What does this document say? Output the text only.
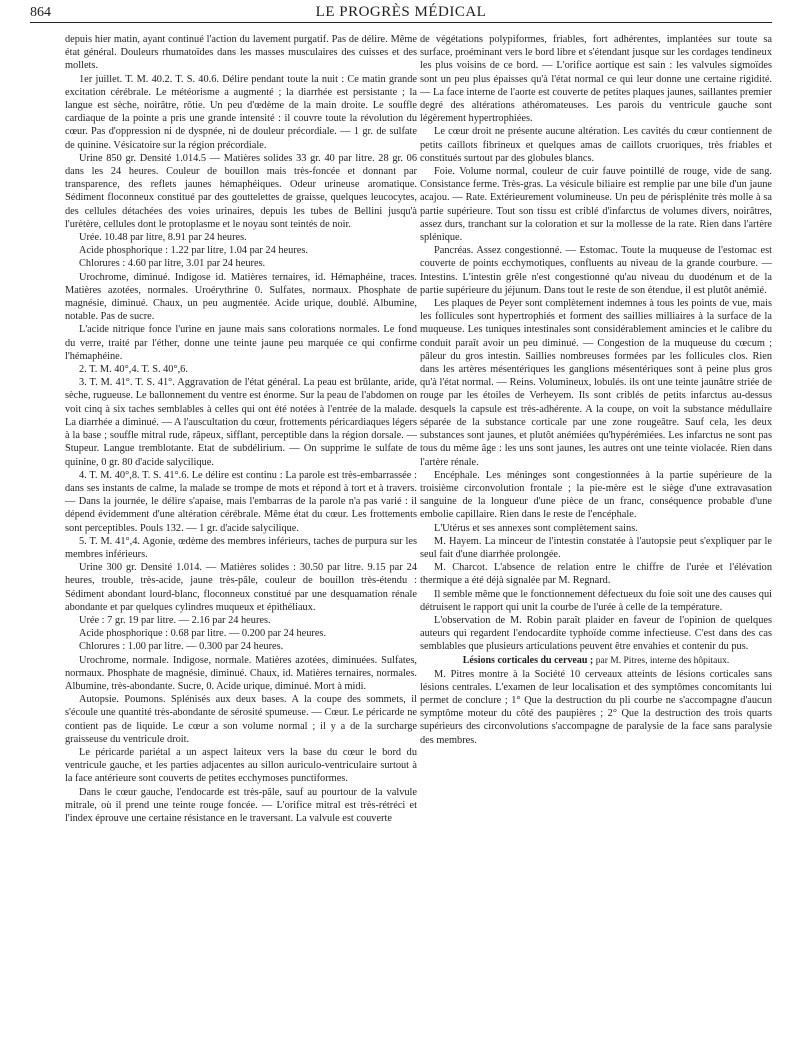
864	LE PROGRÈS MÉDICAL

depuis hier matin, ayant continué l'action du lavement purgatif. Pas de délire. Même état général. Douleurs rhumatoïdes dans les masses musculaires des cuisses et des mollets.

1er juillet. T. M. 40.2. T. S. 40.6. Délire pendant toute la nuit : Ce matin grande excitation cérébrale. Le météorisme a augmenté ; la diarrhée est persistante ; la langue est sèche, noirâtre, rôtie. Un peu d'œdème de la main droite. Le souffle cardiaque de la pointe a pris une grande intensité : il couvre toute la révolution du cœur. Pas d'oppression ni de dyspnée, ni de douleur précordiale. — 1 gr. de sulfate de quinine. Vésicatoire sur la région précordiale.

Urine 850 gr. Densité 1.014.5 — Matières solides 33 gr. 40 par litre. 28 gr. 06 dans les 24 heures. Couleur de bouillon mais très-foncée et donnant par transparence, des reflets jaunes hémaphéiques. Odeur urineuse aromatique. Sédiment floconneux constitué par des gouttelettes de graisse, quelques leucocytes, des cellules détachées des voies urinaires, depuis les tubes de Bellini jusqu'à l'urètère, cellules dont le protoplasme et le noyau sont teintés de noir.

Urée. 10.48 par litre, 8.91 par 24 heures.

Acide phosphorique : 1.22 par litre, 1.04 par 24 heures.

Chlorures : 4.60 par litre, 3.01 par 24 heures.

Urochrome, diminué. Indigose id. Matières ternaires, id. Hémaphéine, traces. Matières azotées, normales. Uroérythrine 0. Sulfates, normaux. Phosphate de magnésie, diminué. Chaux, un peu augmentée. Acide urique, doublé. Albumine, notable. Pas de sucre.

L'acide nitrique fonce l'urine en jaune mais sans colorations normales. Le fond du verre, traité par l'éther, donne une teinte jaune peu marquée ce qui confirme l'hémaphéine.

2. T. M. 40°,4. T. S. 40°,6.

3. T. M. 41°. T. S. 41°. Aggravation de l'état général. La peau est brûlante, aride, sèche, rugueuse. Le ballonnement du ventre est énorme. Sur la peau de l'abdomen on voit cinq à six taches semblables à celles qui ont été notées à l'entrée de la malade. La diarrhée a diminué. — A l'auscultation du cœur, frottements péricardiaques légers à la base ; souffle mitral rude, râpeux, sifflant, perceptible dans la région dorsale. — Stupeur. Langue tremblotante. Etat de subdélirium. — On supprime le sulfate de quinine, 0 gr. 80 d'acide salycilique.

4. T. M. 40°,8. T. S. 41°.6. Le délire est continu : La parole est très-embarrassée : dans ses instants de calme, la malade se trompe de mots et répond à tort et à travers. — Dans la journée, le délire s'apaise, mais l'embarras de la parole n'a pas varié : il dépend évidemment d'une altération cérébrale. Même état du cœur. Les frottements sont perceptibles. Pouls 132. — 1 gr. d'acide salycilique.

5. T. M. 41°,4. Agonie, œdème des membres inférieurs, taches de purpura sur les membres inférieurs.

Urine 300 gr. Densité 1.014. — Matières solides : 30.50 par litre. 9.15 par 24 heures, trouble, très-acide, jaune très-pâle, couleur de bouillon très-étendu : Sédiment abondant lourd-blanc, floconneux constitué par une desquamation rénale abondante et par quelques cylindres muqueux et épithéliaux.

Urée : 7 gr. 19 par litre. — 2.16 par 24 heures.

Acide phosphorique : 0.68 par litre. — 0.200 par 24 heures.

Chlorures : 1.00 par litre. — 0.300 par 24 heures.

Urochrome, normale. Indigose, normale. Matières azotées, diminuées. Sulfates, normaux. Phosphate de magnésie, diminué. Chaux, id. Matières ternaires, normales. Albumine, très-abondante. Sucre, 0. Acide urique, diminué. Mort à midi.

Autopsie. Poumons. Splénisés aux deux bases. A la coupe des sommets, il s'écoule une quantité très-abondante de sérosité spumeuse. — Cœur. Le péricarde ne contient pas de liquide. Le cœur a son volume normal ; il y a de la surcharge graisseuse du ventricule droit.

Le péricarde pariétal a un aspect laiteux vers la base du cœur le bord du ventricule gauche, et les parties adjacentes au sillon auriculo-ventriculaire surtout à la face antérieure sont couverts de petites ecchymoses punctiformes.

Dans le cœur gauche, l'endocarde est très-pâle, sauf au pourtour de la valvule mitrale, où il prend une teinte rouge foncée. — L'orifice mitral est très-rétréci et l'index éprouve une certaine résistance en le traversant. La valvule est couverte

de végétations polypiformes, friables, fort adhérentes, implantées sur toute sa surface, proéminant vers le bord libre et s'étendant jusque sur les cordages tendineux les plus voisins de ce bord. — L'orifice aortique est sain : les valvules sigmoïdes sont un peu plus épaisses qu'à l'état normal ce qui leur donne une certaine rigidité. — La face interne de l'aorte est couverte de petites plaques jaunes, saillantes premier degré des altérations athéromateuses. Les parois du ventricule gauche sont légèrement hypertrophiées.

Le cœur droit ne présente aucune altération. Les cavités du cœur contiennent de petits caillots fibrineux et quelques amas de caillots cruoriques, très friables et constitués surtout par des globules blancs.

Foie. Volume normal, couleur de cuir fauve pointillé de rouge, vide de sang. Consistance ferme. Très-gras. La vésicule biliaire est remplie par une bile d'un jaune acajou. — Rate. Extérieurement volumineuse. Un peu de périsplénite très molle à sa partie supérieure. Tout son tissu est criblé d'infarctus de volumes divers, noirâtres, assez durs, tranchant sur la coloration et sur la mollesse de la rate. Rien dans l'artère splénique.

Pancréas. Assez congestionné. — Estomac. Toute la muqueuse de l'estomac est couverte de points ecchymotiques, confluents au niveau de la grande courbure. — Intestins. L'intestin grêle n'est congestionné qu'au niveau du duodénum et de la partie supérieure du jéjunum. Dans tout le reste de son étendue, il est plutôt anémié.

Les plaques de Peyer sont complètement indemnes à tous les points de vue, mais les follicules sont hypertrophiés et forment des saillies milliaires à la surface de la muqueuse. Les tuniques intestinales sont considérablement amincies et le calibre du conduit paraît avoir un peu diminué. — Congestion de la muqueuse du cœcum ; pâleur du gros intestin. Saillies nombreuses formées par les follicules clos. Rien dans les artères mésentériques les ganglions mésentériques sont à peine plus gros qu'à l'état normal. — Reins. Volumineux, lobulés. ils ont une teinte jaunâtre striée de rouge par les étoiles de Verheyem. Ils sont criblés de petits infarctus au-dessus desquels la capsule est très-adhérente. A la coupe, on voit la substance médullaire séparée de la substance corticale par une zone rougeâtre. Sauf cela, les deux substances sont jaunes, et plutôt anémiées qu'hypérémiées. Les infarctus ne sont pas tous du même âge : les uns sont jaunes, les autres ont une teinte violacée. Rien dans l'artère rénale.

Encéphale. Les méninges sont congestionnées à la partie supérieure de la troisième circonvolution frontale ; la pie-mère est le siège d'une extravasation sanguine de la longueur d'une pièce de un franc, conséquence probable d'une embolie capillaire. Rien dans le reste de l'encéphale.

L'Utérus et ses annexes sont complètement sains.

M. Hayem. La minceur de l'intestin constatée à l'autopsie peut s'expliquer par le seul fait d'une diarrhée prolongée.

M. Charcot. L'absence de relation entre le chiffre de l'urée et l'élévation thermique a été déjà signalée par M. Regnard.

Il semble même que le fonctionnement défectueux du foie soit une des causes qui détruisent le rapport qui unit la courbe de l'urée à celle de la température.

L'observation de M. Robin paraît plaider en faveur de l'opinion de quelques auteurs qui regardent l'endocardite typhoïde comme infectieuse. C'est dans des cas semblables que plusieurs articulations peuvent être envahies et contenir du pus.

Lésions corticales du cerveau ; par M. Pitres, interne des hôpitaux.

M. Pitres montre à la Société 10 cerveaux atteints de lésions corticales sans lésions centrales. L'examen de leur localisation et des symptômes concomitants lui permet de conclure ; 1° Que la destruction du pli courbe ne s'accompagne d'aucun symptôme moteur du côté des paupières ; 2° Que la destruction des trois quarts supérieurs des circonvolutions s'accompagne de paralysie de la face sans paralysie des membres.
